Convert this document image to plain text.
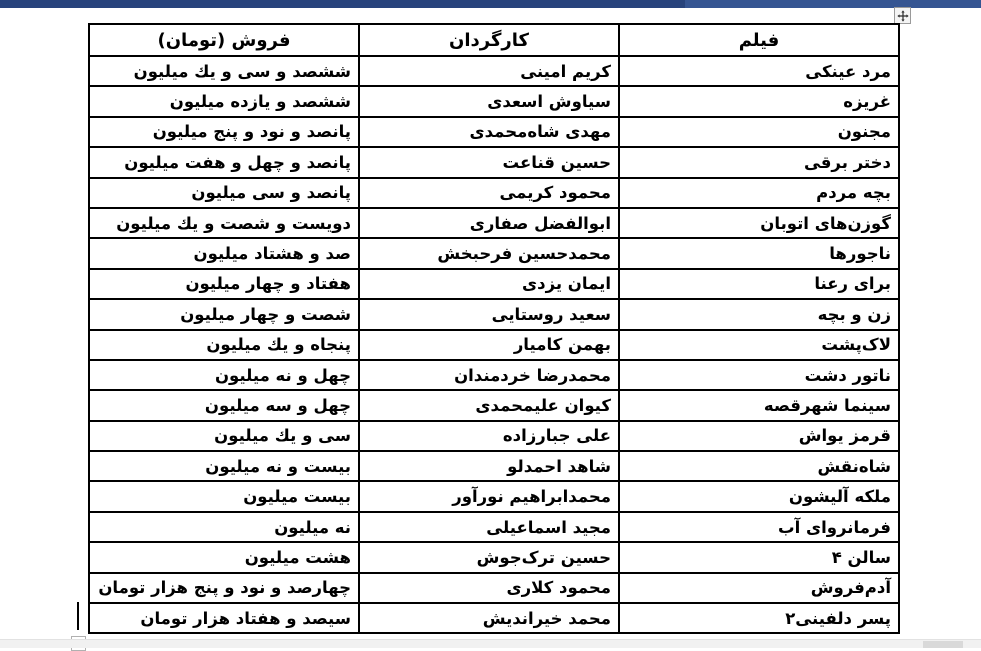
فیلم	کارگردان	فروش (تومان)
مرد عینکی	کریم امینی	ششصد و سی و یك میلیون
غریزه	سیاوش اسعدی	ششصد و یازده میلیون
مجنون	مهدی شاه‌محمدی	پانصد و نود و پنج میلیون
دختر برقی	حسین قناعت	پانصد و چهل و هفت میلیون
بچه مردم	محمود کریمی	پانصد و سی میلیون
گوزن‌های اتوبان	ابوالفضل صفاری	دویست و شصت و یك میلیون
ناجورها	محمدحسین فرحبخش	صد و هشتاد میلیون
برای رعنا	ایمان یزدی	هفتاد و چهار میلیون
زن و بچه	سعید روستایی	شصت و چهار میلیون
لاک‌پشت	بهمن کامیار	پنجاه و یك میلیون
ناتور دشت	محمدرضا خردمندان	چهل و نه میلیون
سینما شهرقصه	کیوان علیمحمدی	چهل و سه میلیون
قرمز یواش	علی جبارزاده	سی و یك میلیون
شاه‌نقش	شاهد احمدلو	بیست و نه میلیون
ملکه آلیشون	محمدابراهیم نورآور	بیست میلیون
فرمانروای آب	مجید اسماعیلی	نه میلیون
سالن ۴	حسین ترک‌جوش	هشت میلیون
آدم‌فروش	محمود کلاری	چهارصد و نود و پنج هزار تومان
پسر دلفینی۲	محمد خیراندیش	سیصد و هفتاد هزار تومان
